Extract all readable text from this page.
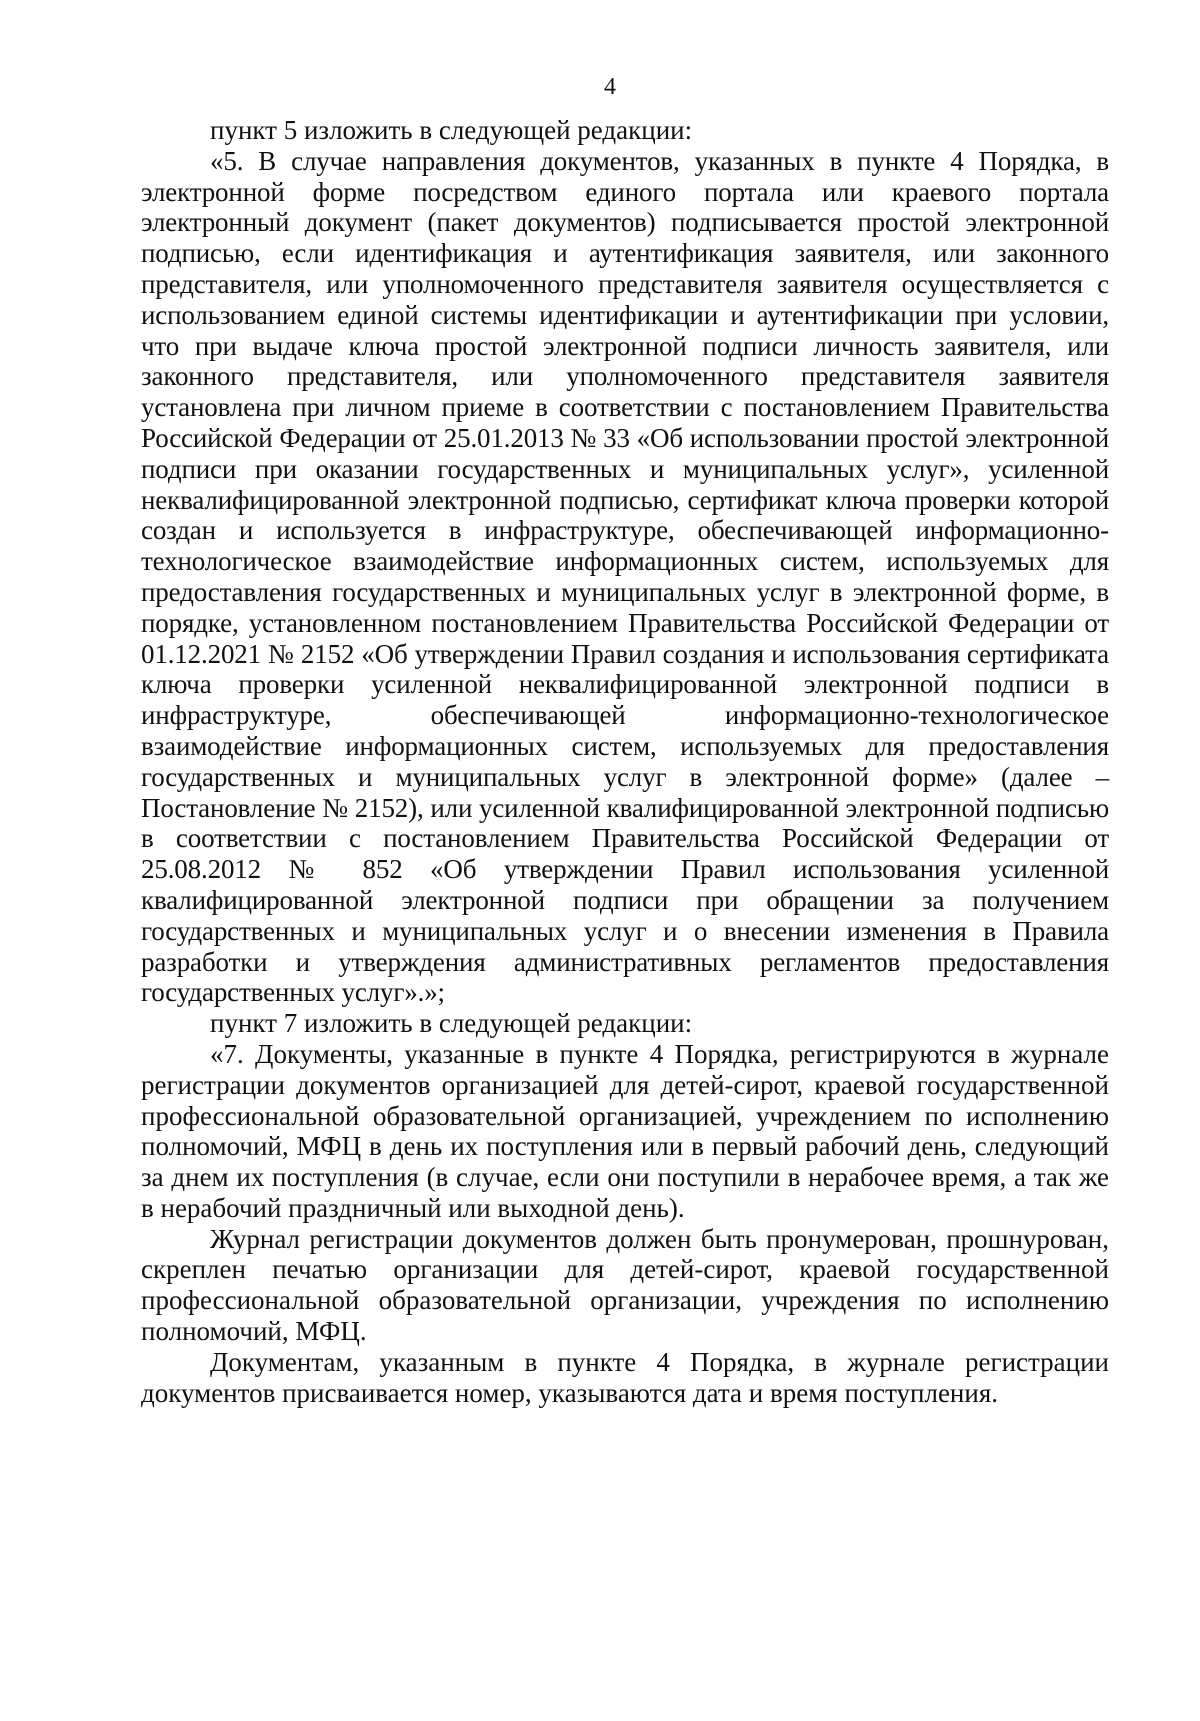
4

пункт 5 изложить в следующей редакции:

«5. В случае направления документов, указанных в пункте 4 Порядка, в электронной форме посредством единого портала или краевого портала электронный документ (пакет документов) подписывается простой электронной подписью, если идентификация и аутентификация заявителя, или законного представителя, или уполномоченного представителя заявителя осуществляется с использованием единой системы идентификации и аутентификации при условии, что при выдаче ключа простой электронной подписи личность заявителя, или законного представителя, или уполномоченного представителя заявителя установлена при личном приеме в соответствии с постановлением Правительства Российской Федерации от 25.01.2013 № 33 «Об использовании простой электронной подписи при оказании государственных и муниципальных услуг», усиленной неквалифицированной электронной подписью, сертификат ключа проверки которой создан и используется в инфраструктуре, обеспечивающей информационно-технологическое взаимодействие информационных систем, используемых для предоставления государственных и муниципальных услуг в электронной форме, в порядке, установленном постановлением Правительства Российской Федерации от 01.12.2021 № 2152 «Об утверждении Правил создания и использования сертификата ключа проверки усиленной неквалифицированной электронной подписи в инфраструктуре, обеспечивающей информационно-технологическое взаимодействие информационных систем, используемых для предоставления государственных и муниципальных услуг в электронной форме» (далее – Постановление № 2152), или усиленной квалифицированной электронной подписью в соответствии с постановлением Правительства Российской Федерации от 25.08.2012 № 852 «Об утверждении Правил использования усиленной квалифицированной электронной подписи при обращении за получением государственных и муниципальных услуг и о внесении изменения в Правила разработки и утверждения административных регламентов предоставления государственных услуг».»;

пункт 7 изложить в следующей редакции:

«7. Документы, указанные в пункте 4 Порядка, регистрируются в журнале регистрации документов организацией для детей-сирот, краевой государственной профессиональной образовательной организацией, учреждением по исполнению полномочий, МФЦ в день их поступления или в первый рабочий день, следующий за днем их поступления (в случае, если они поступили в нерабочее время, а так же в нерабочий праздничный или выходной день).

Журнал регистрации документов должен быть пронумерован, прошнурован, скреплен печатью организации для детей-сирот, краевой государственной профессиональной образовательной организации, учреждения по исполнению полномочий, МФЦ.

Документам, указанным в пункте 4 Порядка, в журнале регистрации документов присваивается номер, указываются дата и время поступления.
